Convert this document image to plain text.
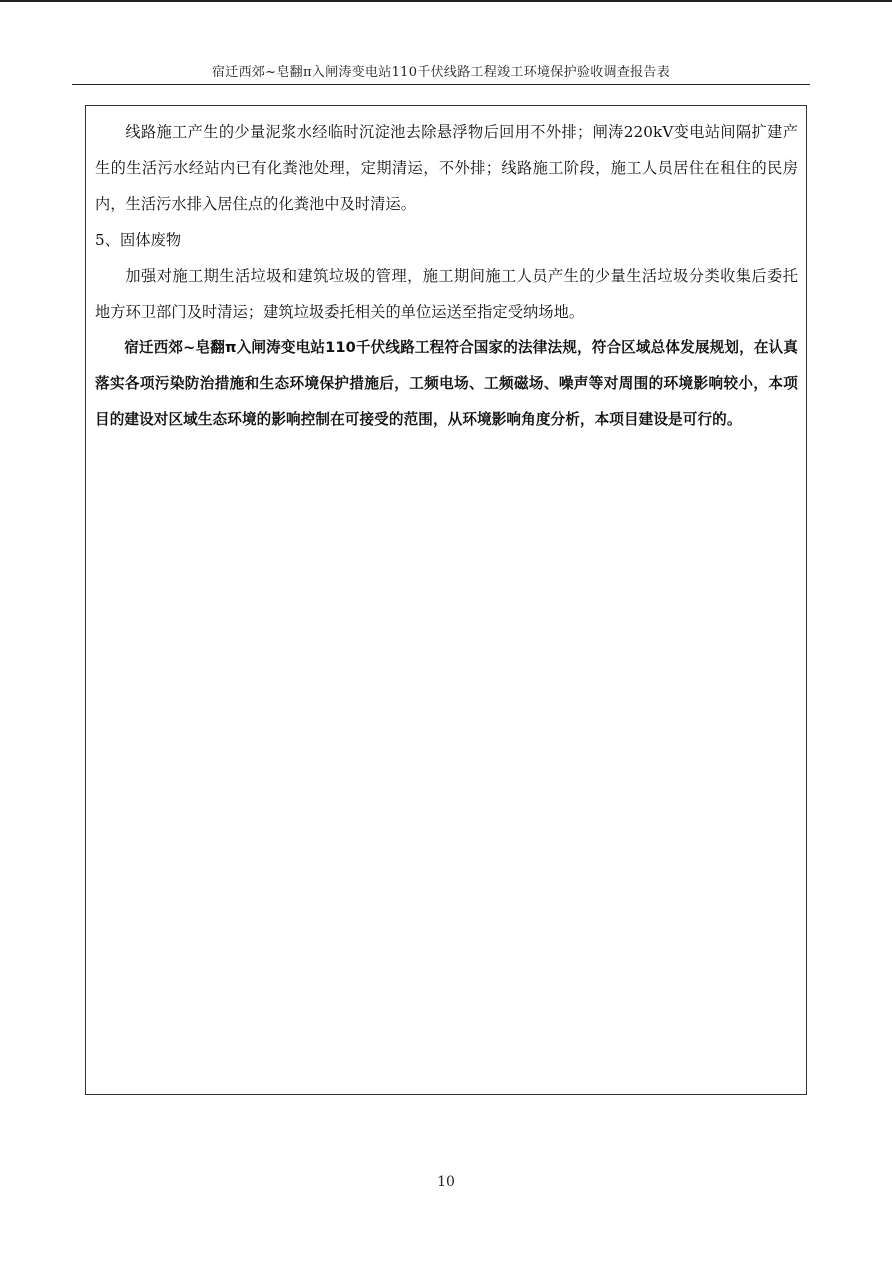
宿迁西郊~皂翻π入闸涛变电站110千伏线路工程竣工环境保护验收调查报告表

线路施工产生的少量泥浆水经临时沉淀池去除悬浮物后回用不外排；闸涛220kV变电站间隔扩建产生的生活污水经站内已有化粪池处理，定期清运，不外排；线路施工阶段，施工人员居住在租住的民房内，生活污水排入居住点的化粪池中及时清运。

5、固体废物

加强对施工期生活垃圾和建筑垃圾的管理，施工期间施工人员产生的少量生活垃圾分类收集后委托地方环卫部门及时清运；建筑垃圾委托相关的单位运送至指定受纳场地。

宿迁西郊~皂翻π入闸涛变电站110千伏线路工程符合国家的法律法规，符合区域总体发展规划，在认真落实各项污染防治措施和生态环境保护措施后，工频电场、工频磁场、噪声等对周围的环境影响较小，本项目的建设对区域生态环境的影响控制在可接受的范围，从环境影响角度分析，本项目建设是可行的。

10
